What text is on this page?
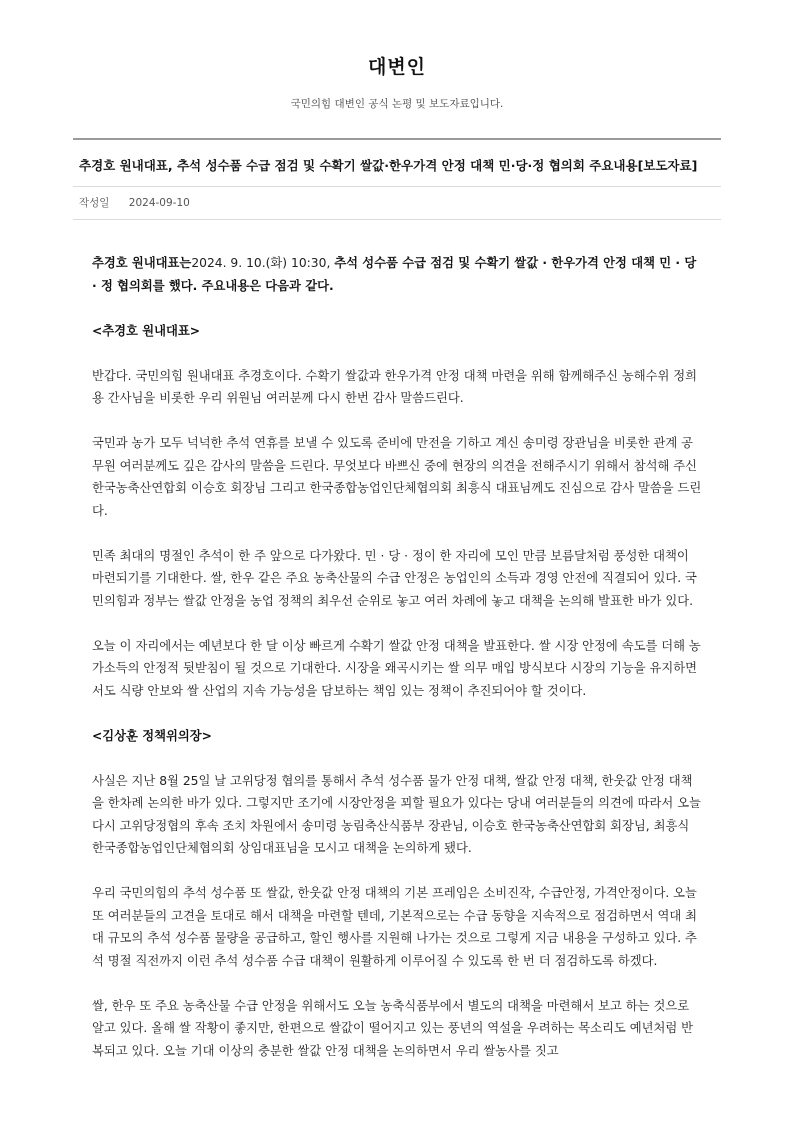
대변인
국민의힘 대변인 공식 논평 및 보도자료입니다.
추경호 원내대표, 추석 성수품 수급 점검 및 수확기 쌀값·한우가격 안정 대책 민·당·정 협의회 주요내용[보도자료]
작성일 2024-09-10

추경호 원내대표는2024. 9. 10.(화) 10:30, 추석 성수품 수급 점검 및 수확기 쌀값 · 한우가격 안정 대책 민 · 당 · 정 협의회를 했다. 주요내용은 다음과 같다.

<추경호 원내대표>

반갑다. 국민의힘 원내대표 추경호이다. 수확기 쌀값과 한우가격 안정 대책 마련을 위해 함께해주신 농해수위 정희용 간사님을 비롯한 우리 위원님 여러분께 다시 한번 감사 말씀드린다.

국민과 농가 모두 넉넉한 추석 연휴를 보낼 수 있도록 준비에 만전을 기하고 계신 송미령 장관님을 비롯한 관계 공무원 여러분께도 깊은 감사의 말씀을 드린다. 무엇보다 바쁘신 중에 현장의 의견을 전해주시기 위해서 참석해 주신 한국농축산연합회 이승호 회장님 그리고 한국종합농업인단체협의회 최흥식 대표님께도 진심으로 감사 말씀을 드린다.

민족 최대의 명절인 추석이 한 주 앞으로 다가왔다. 민 · 당 · 정이 한 자리에 모인 만큼 보름달처럼 풍성한 대책이 마련되기를 기대한다. 쌀, 한우 같은 주요 농축산물의 수급 안정은 농업인의 소득과 경영 안전에 직결되어 있다. 국민의힘과 정부는 쌀값 안정을 농업 정책의 최우선 순위로 놓고 여러 차례에 놓고 대책을 논의해 발표한 바가 있다.

오늘 이 자리에서는 예년보다 한 달 이상 빠르게 수확기 쌀값 안정 대책을 발표한다. 쌀 시장 안정에 속도를 더해 농가소득의 안정적 뒷받침이 될 것으로 기대한다. 시장을 왜곡시키는 쌀 의무 매입 방식보다 시장의 기능을 유지하면서도 식량 안보와 쌀 산업의 지속 가능성을 담보하는 책임 있는 정책이 추진되어야 할 것이다.

<김상훈 정책위의장>

사실은 지난 8월 25일 날 고위당정 협의를 통해서 추석 성수품 물가 안정 대책, 쌀값 안정 대책, 한웃값 안정 대책을 한차례 논의한 바가 있다. 그렇지만 조기에 시장안정을 꾀할 필요가 있다는 당내 여러분들의 의견에 따라서 오늘 다시 고위당정협의 후속 조치 차원에서 송미령 농림축산식품부 장관님, 이승호 한국농축산연합회 회장님, 최흥식 한국종합농업인단체협의회 상임대표님을 모시고 대책을 논의하게 됐다.

우리 국민의힘의 추석 성수품 또 쌀값, 한웃값 안정 대책의 기본 프레임은 소비진작, 수급안정, 가격안정이다. 오늘 또 여러분들의 고견을 토대로 해서 대책을 마련할 텐데, 기본적으로는 수급 동향을 지속적으로 점검하면서 역대 최대 규모의 추석 성수품 물량을 공급하고, 할인 행사를 지원해 나가는 것으로 그렇게 지금 내용을 구성하고 있다. 추석 명절 직전까지 이런 추석 성수품 수급 대책이 원활하게 이루어질 수 있도록 한 번 더 점검하도록 하겠다.

쌀, 한우 또 주요 농축산물 수급 안정을 위해서도 오늘 농축식품부에서 별도의 대책을 마련해서 보고 하는 것으로 알고 있다. 올해 쌀 작황이 좋지만, 한편으로 쌀값이 떨어지고 있는 풍년의 역설을 우려하는 목소리도 예년처럼 반복되고 있다. 오늘 기대 이상의 충분한 쌀값 안정 대책을 논의하면서 우리 쌀농사를 짓고
